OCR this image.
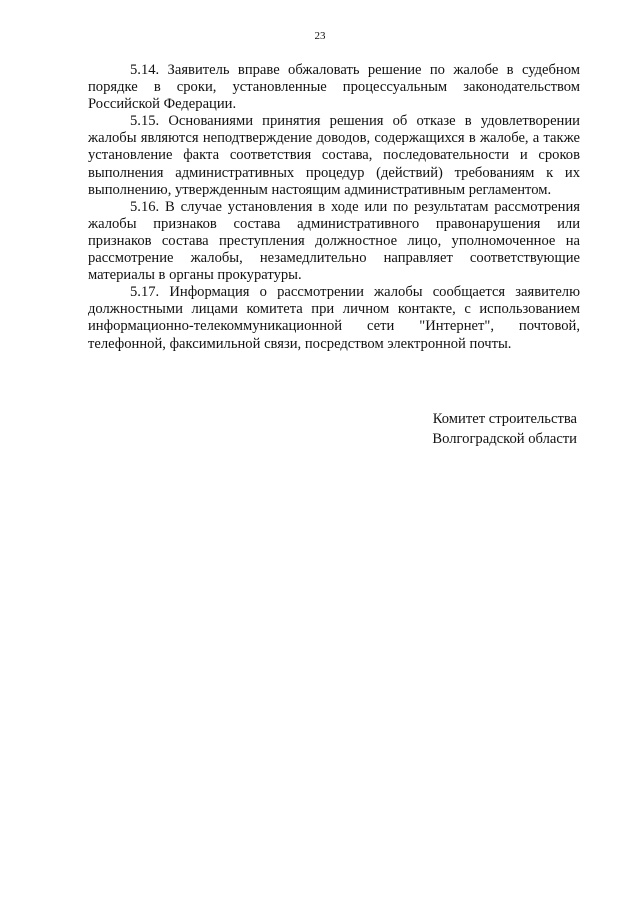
23

5.14. Заявитель вправе обжаловать решение по жалобе в судебном порядке в сроки, установленные процессуальным законодательством Российской Федерации.

5.15. Основаниями принятия решения об отказе в удовлетворении жалобы являются неподтверждение доводов, содержащихся в жалобе, а также установление факта соответствия состава, последовательности и сроков выполнения административных процедур (действий) требованиям к их выполнению, утвержденным настоящим административным регламентом.

5.16. В случае установления в ходе или по результатам рассмотрения жалобы признаков состава административного правонарушения или признаков состава преступления должностное лицо, уполномоченное на рассмотрение жалобы, незамедлительно направляет соответствующие материалы в органы прокуратуры.

5.17. Информация о рассмотрении жалобы сообщается заявителю должностными лицами комитета при личном контакте, с использованием информационно-телекоммуникационной сети "Интернет", почтовой, телефонной, факсимильной связи, посредством электронной почты.

Комитет строительства
Волгоградской области
